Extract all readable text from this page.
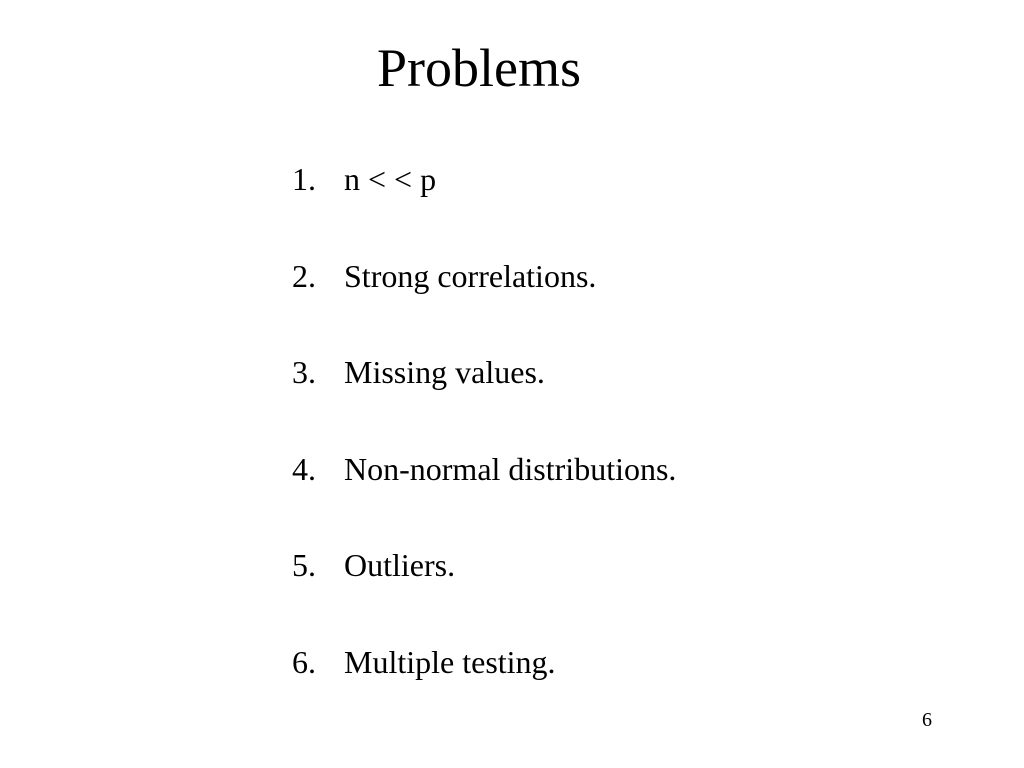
Problems
1. n < < p
2. Strong correlations.
3. Missing values.
4. Non-normal distributions.
5. Outliers.
6. Multiple testing.
6
